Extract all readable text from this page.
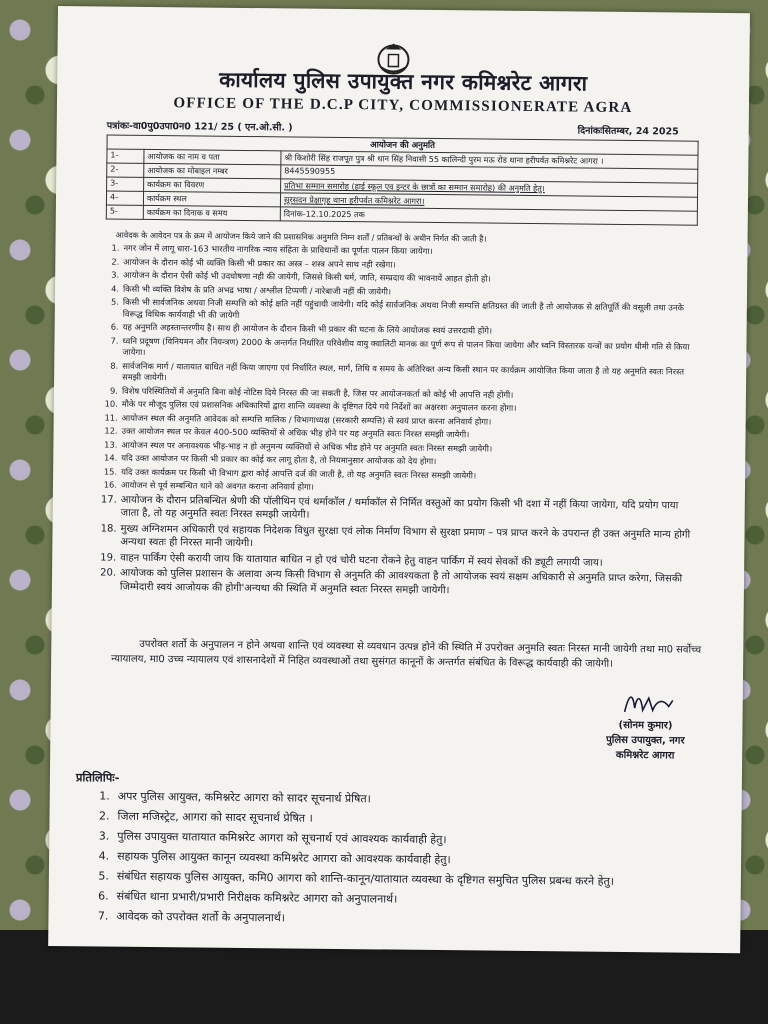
कार्यालय पुलिस उपायुक्त नगर कमिश्नरेट आगरा
OFFICE OF THE D.C.P CITY, COMMISSIONERATE AGRA
पत्रांकः-वा0पु0उपा0न0 121/ 25 ( एन.ओ.सी. )	दिनांकःसितम्बर, 24 2025
आयोजन की अनुमति		
1-	आयोजक का नाम व पता	श्री किशोरी सिंह राजपूत पुत्र श्री थान सिंह निवासी 55 कालिन्दी पुरम मऊ रोड थाना हरीपर्वत कमिश्नरेट आगरा ।
2-	आयोजक का मोबाइल नम्बर	8445590955
3-	कार्यक्रम का विवरण	प्रतिभा सम्मान समारोह (हाई स्कूल एव इन्टर के छात्रों का सम्मान समारोह) की अनुमति हेतु।
4-	कार्यक्रम स्थल	सूरसदन प्रेक्षागृह थाना हरीपर्वत कमिश्नरेट आगरा।
5-	कार्यक्रम का दिनाक व समय	दिनांक-12.10.2025 तक
आवेदक के आवेदन पत्र के क्रम में आयोजन किये जाने की प्रशासनिक अनुमति निम्न शर्तों / प्रतिबन्धों के अधीन निर्गत की जाती है।
1. नगर जोन में लागू धारा-163 भारतीय नागरिक न्याय संहिता के प्राविधानों का पूर्णतः पालन किया जायेगा।
2. आयोजन के दौरान कोई भी व्यक्ति किसी भी प्रकार का अस्त्र – शस्त्र अपने साथ नही रखेगा।
3. आयोजन के दौरान ऐसी कोई भी उदघोषणा नही की जायेगी, जिससे किसी धर्म, जाति, सम्प्रदाय की भावनायें आहत होती हो।
4. किसी भी व्यक्ति विशेष के प्रति अभद्र भाषा / अश्लील टिप्पणी / नारेबाजी नहीं की जायेगी।
5. किसी भी सार्वजनिक अथवा निजी सम्पत्ति को कोई क्षति नहीं पहुंचायी जायेगी। यदि कोई सार्वजनिक अथवा निजी सम्पत्ति क्षतिग्रस्त की जाती है तो आयोजक से क्षतिपूर्ति की वसूली तथा उनके विरूद्ध विधिक कार्यवाही भी की जायेगी
6. यह अनुमति अहस्तान्तरणीय है। साथ ही आयोजन के दौरान किसी भी प्रकार की घटना के लिये आयोजक स्वयं उत्तरदायी होंगे।
7. ध्वनि प्रदूषण (विनियमन और नियन्त्रण) 2000 के अन्तर्गत निर्धारित परिवेशीय वायु क्वालिटी मानक का पूर्ण रूप से पालन किया जायेगा और ध्वनि विस्तारक यन्त्रों का प्रयोग धीमी गति से किया जायेगा।
8. सार्वजनिक मार्ग / यातायात बाधित नहीं किया जाएगा एवं निर्धारित स्थल, मार्ग, तिथि व समय के अतिरिक्त अन्य किसी स्थान पर कार्यक्रम आयोजित किया जाता है तो यह अनुमति स्वतः निरस्त समझी जायेगी।
9. विशेष परिस्थितियों में अनुमति बिना कोई नोटिस दिये निरस्त की जा सकती है, जिस पर आयोजनकर्ता को कोई भी आपत्ति नही होगी।
10. मौके पर मौजूद पुलिस एवं प्रशासनिक अधिकारियों द्वारा शान्ति व्यवस्था के दृष्टिगत दिये गये निर्देशों का अक्षरशः अनुपालन करना होगा।
11. आयोजन स्थल की अनुमति आवेदक को सम्पत्ति मालिक / विभागाध्यक्ष (सरकारी सम्पत्ति) से स्वयं प्राप्त करना अनिवार्य होगा।
12. उक्त आयोजन स्थल पर केवल 400-500 व्यक्तियों से अधिक भीड़ होने पर यह अनुमति स्वतः निरस्त समझी जायेगी।
13. आयोजन स्थल पर अनावश्यक भीड़-भाड़ न हो अनुमन्य व्यक्तियों से अधिक भीड होने पर अनुमति स्वतः निरस्त समझी जायेगी।
14. यदि उक्त आयोजन पर किसी भी प्रकार का कोई कर लागू होता है, तो नियमानुसार आयोजक को देय होगा।
15. यदि उक्त कार्यक्रम पर किसी भी विभाग द्वारा कोई आपत्ति दर्ज की जाती है, तो यह अनुमति स्वतः निरस्त समझी जायेगी।
16. आयोजन से पूर्व सम्बन्धित थाने को अवगत कराना अनिवार्य होगा।
17. आयोजन के दौरान प्रतिबन्धित श्रेणी की पॉलीथिन एवं थर्माकॉल / थर्माकॉल से निर्मित वस्तुओं का प्रयोग किसी भी दशा में नहीं किया जायेगा, यदि प्रयोग पाया जाता है, तो यह अनुमति स्वतः निरस्त समझी जायेगी।
18. मुख्य अग्निशमन अधिकारी एवं सहायक निदेशक विधुत सुरक्षा एवं लोक निर्माण विभाग से सुरक्षा प्रमाण – पत्र प्राप्त करने के उपरान्त ही उक्त अनुमति मान्य होगी अन्यथा स्वतः ही निरस्त मानी जायेगी।
19. वाहन पार्किंग ऐसी करायी जाय कि यातायात बाधित न हो एवं चोरी घटना रोकने हेतु वाहन पार्किंग में स्वयं सेवकों की ड्यूटी लगायी जाय।
20. आयोजक को पुलिस प्रशासन के अलावा अन्य किसी विभाग से अनुमति की आवश्यकता है तो आयोजक स्वयं सक्षम अधिकारी से अनुमति प्राप्त करेगा, जिसकी जिम्मेदारी स्वयं आजोयक की होगी'अन्यथा की स्थिति में अनुमति स्वतः निरस्त समझी जायेगी।
उपरोक्त शर्तो के अनुपालन न होने अथवा शान्ति एवं व्यवस्था से व्यवधान उत्पन्न होने की स्थिति में उपरोक्त अनुमति स्वतः निरस्त मानी जायेगी तथा मा0 सर्वोच्च न्यायालय, मा0 उच्च न्यायालय एवं शासनादेशों में निहित व्यवस्थाओं तथा सुसंगत कानूनों के अन्तर्गत संबंधित के विरूद्ध कार्यवाही की जायेगी।
(सोनम कुमार)
पुलिस उपायुक्त, नगर
कमिश्नरेट आगरा
प्रतिलिपिः-
1. अपर पुलिस आयुक्त, कमिश्नरेट आगरा को सादर सूचनार्थ प्रेषित।
2. जिला मजिस्ट्रेट, आगरा को सादर सूचनार्थ प्रेषित ।
3. पुलिस उपायुक्त यातायात कमिश्नरेट आगरा को सूचनार्थ एवं आवश्यक कार्यवाही हेतु।
4. सहायक पुलिस आयुक्त कानून व्यवस्था कमिश्नरेट आगरा को आवश्यक कार्यवाही हेतु।
5. संबंधित सहायक पुलिस आयुक्त, कमि0 आगरा को शान्ति-कानून/यातायात व्यवस्था के दृष्टिगत समुचित पुलिस प्रबन्ध करने हेतु।
6. संबंधित थाना प्रभारी/प्रभारी निरीक्षक कमिश्नरेट आगरा को अनुपालनार्थ।
7. आवेदक को उपरोक्त शर्तो के अनुपालनार्थ।
